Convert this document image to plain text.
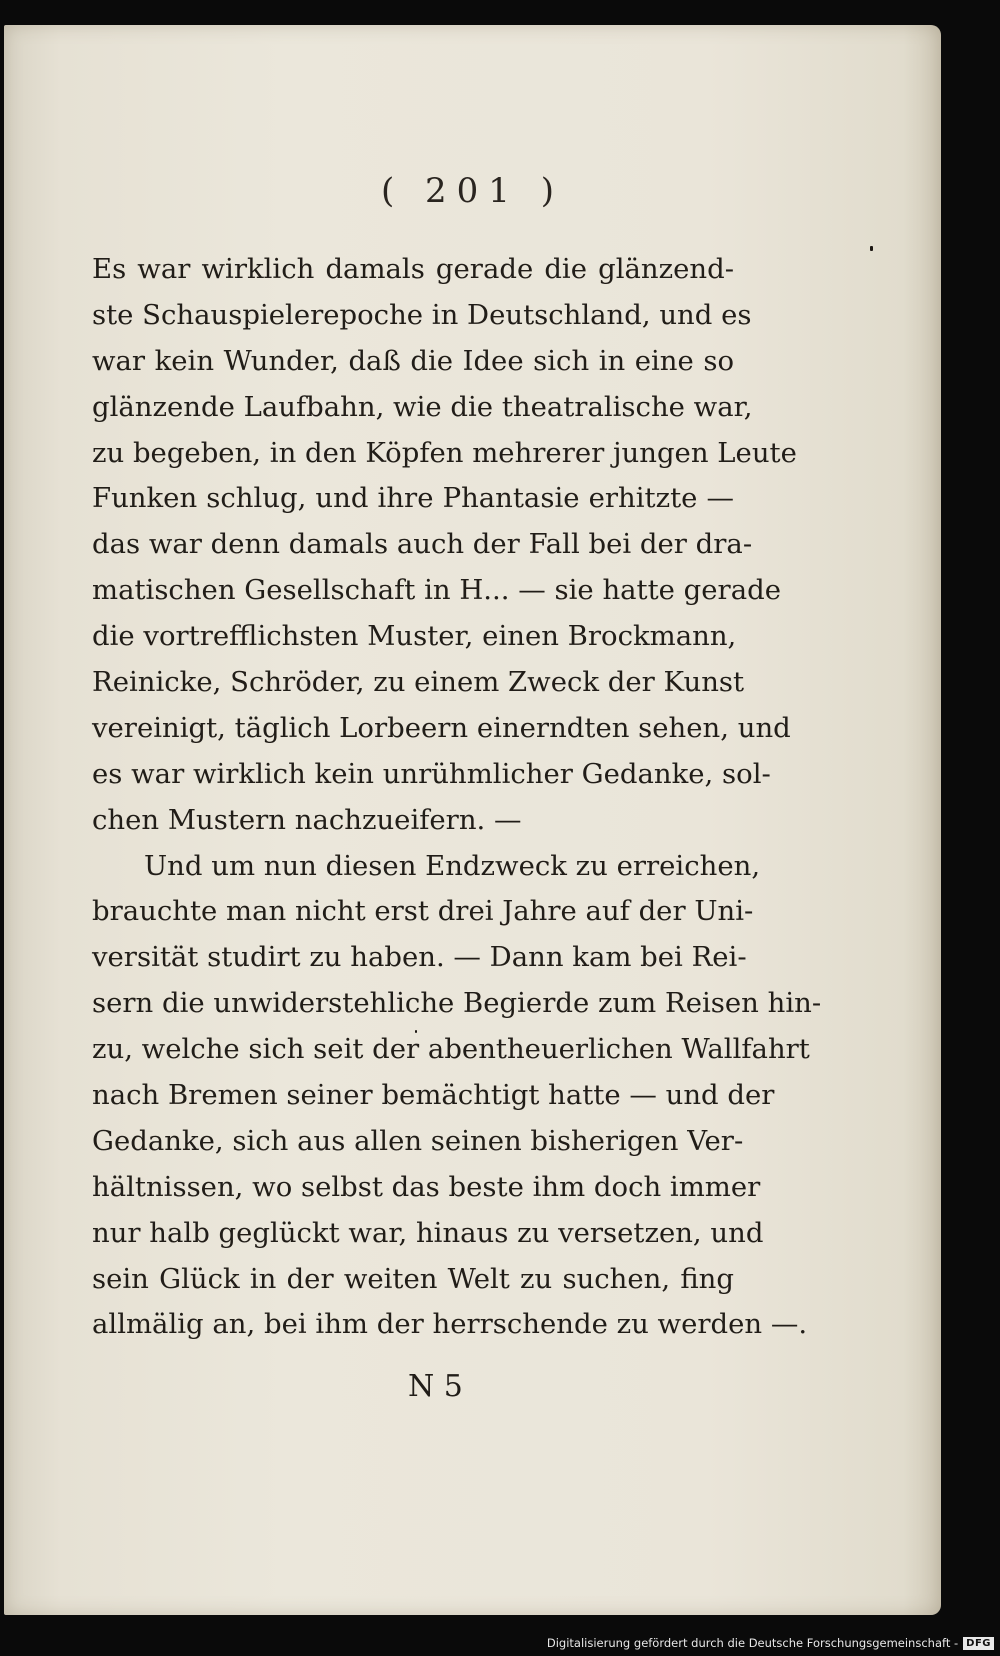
( 201 )
Es war wirklich damals gerade die glänzend-
ste Schauspielerepoche in Deutschland, und es
war kein Wunder, daß die Idee sich in eine so
glänzende Laufbahn, wie die theatralische war,
zu begeben, in den Köpfen mehrerer jungen Leute
Funken schlug, und ihre Phantasie erhitzte —
das war denn damals auch der Fall bei der dra-
matischen Gesellschaft in H... — sie hatte gerade
die vortrefflichsten Muster, einen Brockmann,
Reinicke, Schröder, zu einem Zweck der Kunst
vereinigt, täglich Lorbeern einerndten sehen, und
es war wirklich kein unrühmlicher Gedanke, sol-
chen Mustern nachzueifern. —
Und um nun diesen Endzweck zu erreichen,
brauchte man nicht erst drei Jahre auf der Uni-
versität studirt zu haben. — Dann kam bei Rei-
sern die unwiderstehliche Begierde zum Reisen hin-
zu, welche sich seit der abentheuerlichen Wallfahrt
nach Bremen seiner bemächtigt hatte — und der
Gedanke, sich aus allen seinen bisherigen Ver-
hältnissen, wo selbst das beste ihm doch immer
nur halb geglückt war, hinaus zu versetzen, und
sein Glück in der weiten Welt zu suchen, fing
allmälig an, bei ihm der herrschende zu werden —.
N 5
Digitalisierung gefördert durch die Deutsche Forschungsgemeinschaft - DFG
